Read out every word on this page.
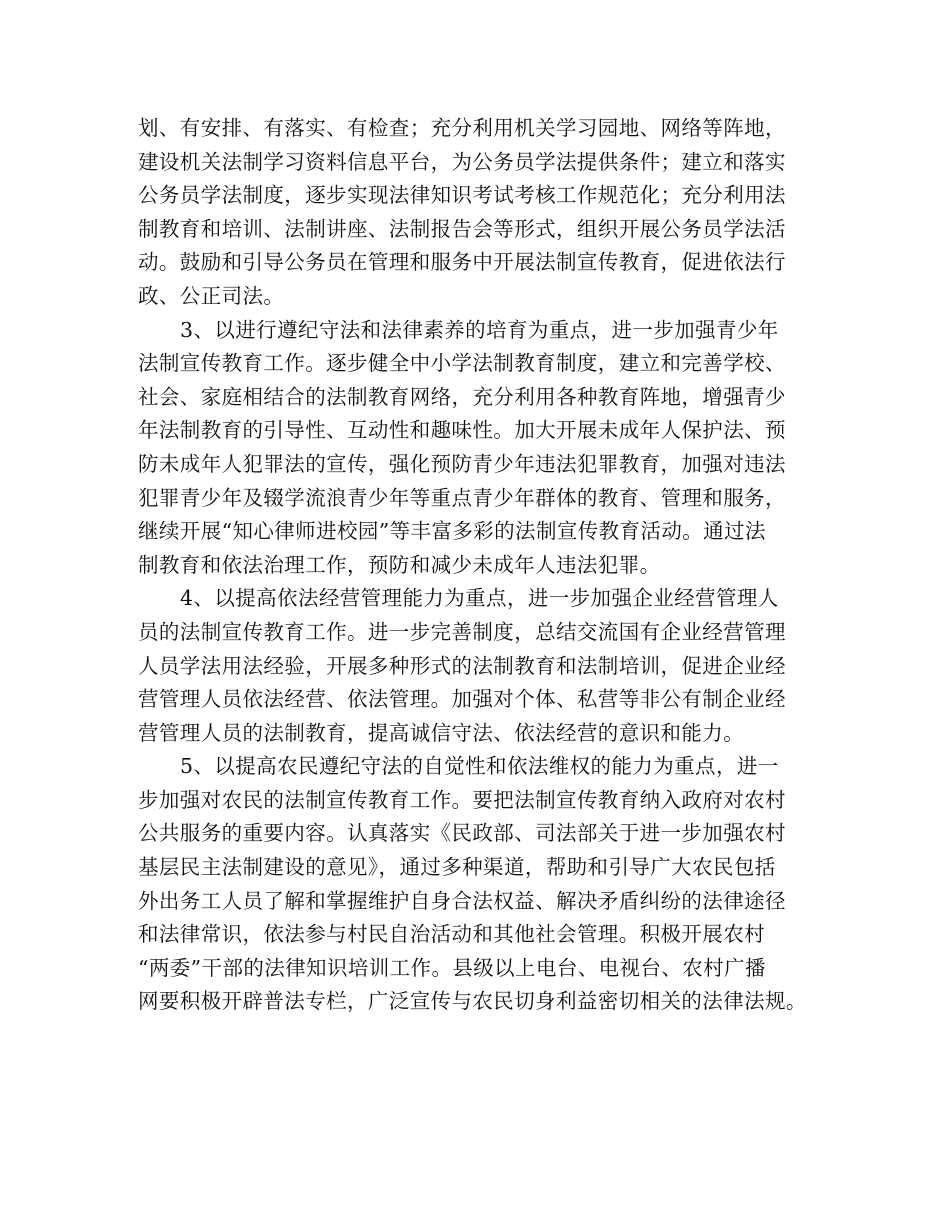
划、有安排、有落实、有检查；充分利用机关学习园地、网络等阵地，
建设机关法制学习资料信息平台，为公务员学法提供条件；建立和落实
公务员学法制度，逐步实现法律知识考试考核工作规范化；充分利用法
制教育和培训、法制讲座、法制报告会等形式，组织开展公务员学法活
动。鼓励和引导公务员在管理和服务中开展法制宣传教育，促进依法行
政、公正司法。
3、以进行遵纪守法和法律素养的培育为重点，进一步加强青少年
法制宣传教育工作。逐步健全中小学法制教育制度，建立和完善学校、
社会、家庭相结合的法制教育网络，充分利用各种教育阵地，增强青少
年法制教育的引导性、互动性和趣味性。加大开展未成年人保护法、预
防未成年人犯罪法的宣传，强化预防青少年违法犯罪教育，加强对违法
犯罪青少年及辍学流浪青少年等重点青少年群体的教育、管理和服务，
继续开展“知心律师进校园”等丰富多彩的法制宣传教育活动。通过法
制教育和依法治理工作，预防和减少未成年人违法犯罪。
4、以提高依法经营管理能力为重点，进一步加强企业经营管理人
员的法制宣传教育工作。进一步完善制度，总结交流国有企业经营管理
人员学法用法经验，开展多种形式的法制教育和法制培训，促进企业经
营管理人员依法经营、依法管理。加强对个体、私营等非公有制企业经
营管理人员的法制教育，提高诚信守法、依法经营的意识和能力。
5、以提高农民遵纪守法的自觉性和依法维权的能力为重点，进一
步加强对农民的法制宣传教育工作。要把法制宣传教育纳入政府对农村
公共服务的重要内容。认真落实《民政部、司法部关于进一步加强农村
基层民主法制建设的意见》，通过多种渠道，帮助和引导广大农民包括
外出务工人员了解和掌握维护自身合法权益、解决矛盾纠纷的法律途径
和法律常识，依法参与村民自治活动和其他社会管理。积极开展农村
“两委”干部的法律知识培训工作。县级以上电台、电视台、农村广播
网要积极开辟普法专栏，广泛宣传与农民切身利益密切相关的法律法规。
